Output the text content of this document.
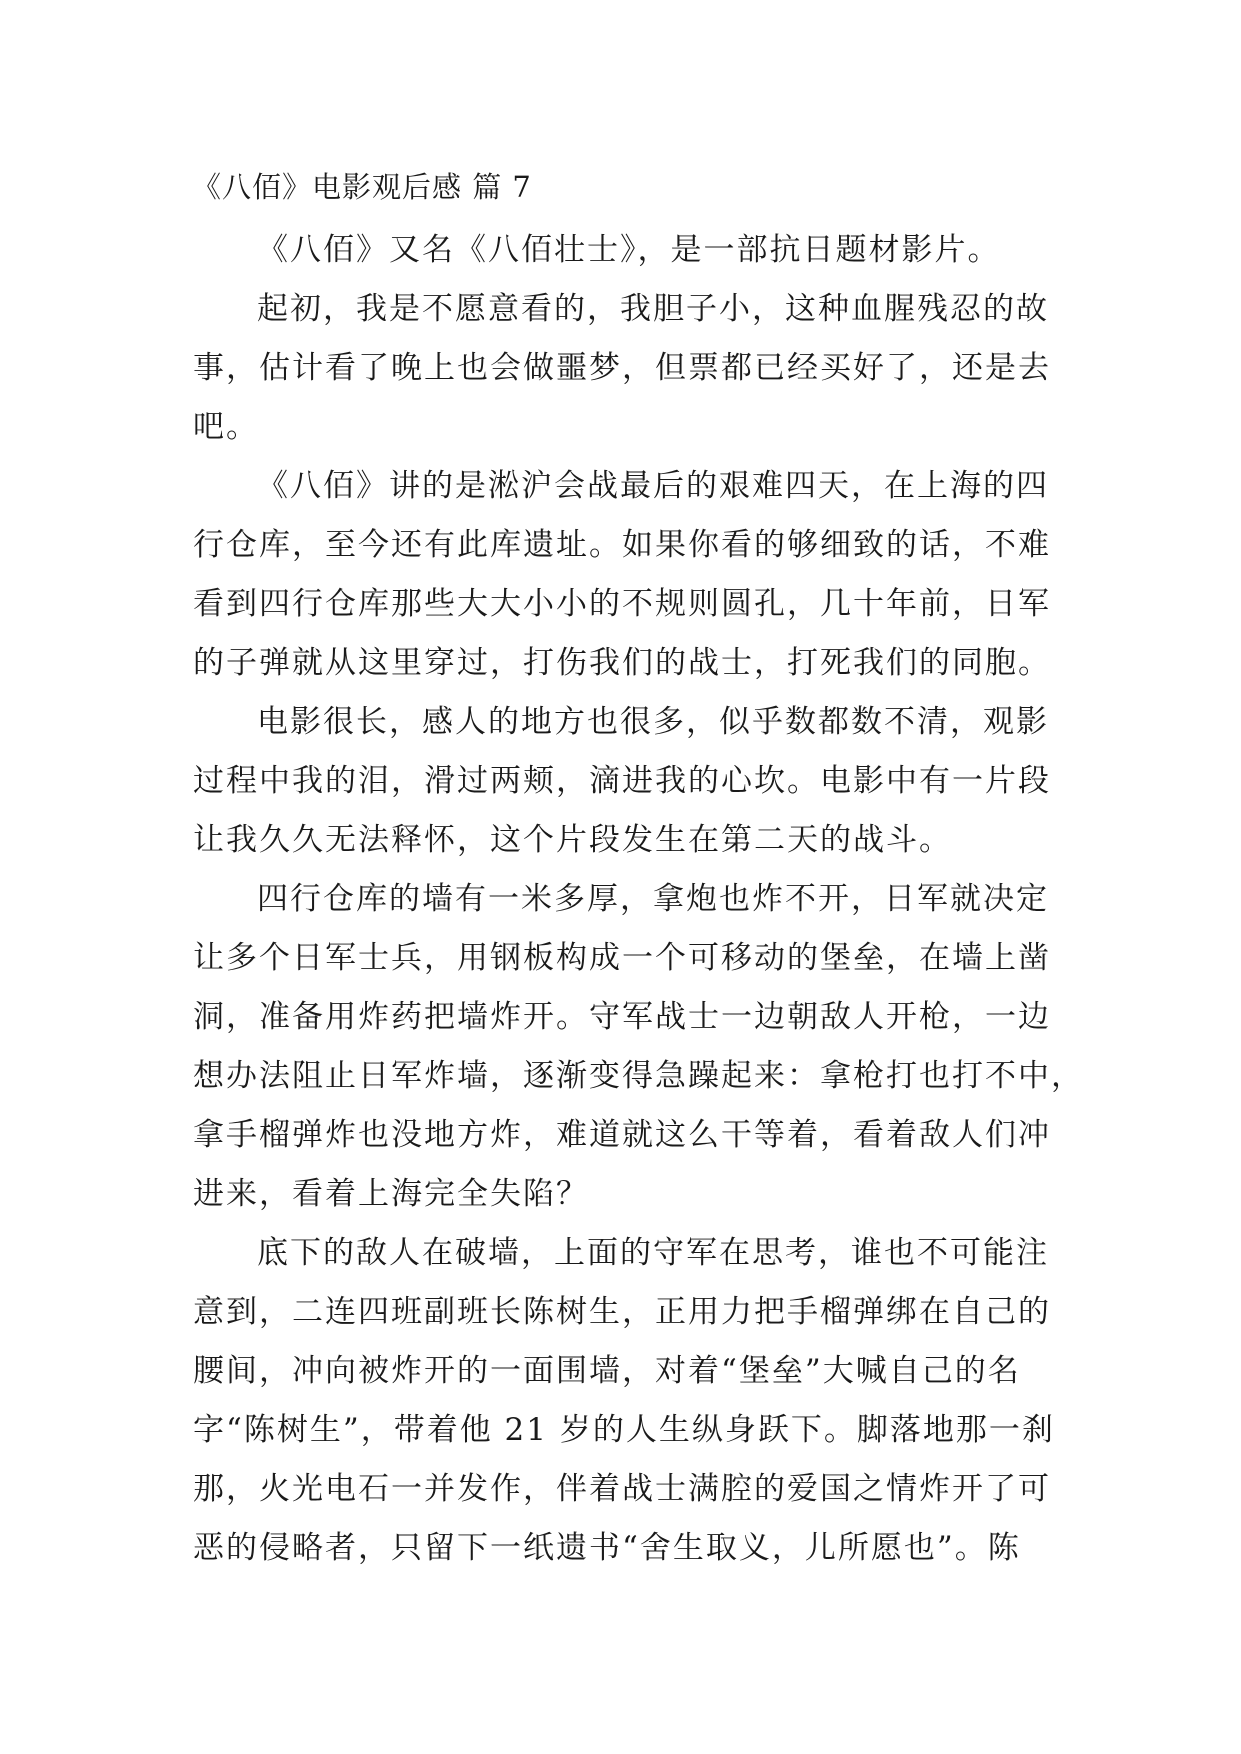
《八佰》电影观后感 篇 7
《八佰》又名《八佰壮士》，是一部抗日题材影片。
起初，我是不愿意看的，我胆子小，这种血腥残忍的故
事，估计看了晚上也会做噩梦，但票都已经买好了，还是去
吧。
《八佰》讲的是淞沪会战最后的艰难四天，在上海的四
行仓库，至今还有此库遗址。如果你看的够细致的话，不难
看到四行仓库那些大大小小的不规则圆孔，几十年前，日军
的子弹就从这里穿过，打伤我们的战士，打死我们的同胞。
电影很长，感人的地方也很多，似乎数都数不清，观影
过程中我的泪，滑过两颊，滴进我的心坎。电影中有一片段
让我久久无法释怀，这个片段发生在第二天的战斗。
四行仓库的墙有一米多厚，拿炮也炸不开，日军就决定
让多个日军士兵，用钢板构成一个可移动的堡垒，在墙上凿
洞，准备用炸药把墙炸开。守军战士一边朝敌人开枪，一边
想办法阻止日军炸墙，逐渐变得急躁起来：拿枪打也打不中，
拿手榴弹炸也没地方炸，难道就这么干等着，看着敌人们冲
进来，看着上海完全失陷？
底下的敌人在破墙，上面的守军在思考，谁也不可能注
意到，二连四班副班长陈树生，正用力把手榴弹绑在自己的
腰间，冲向被炸开的一面围墙，对着“堡垒”大喊自己的名
字“陈树生”，带着他 21 岁的人生纵身跃下。脚落地那一刹
那，火光电石一并发作，伴着战士满腔的爱国之情炸开了可
恶的侵略者，只留下一纸遗书“舍生取义，儿所愿也”。陈
